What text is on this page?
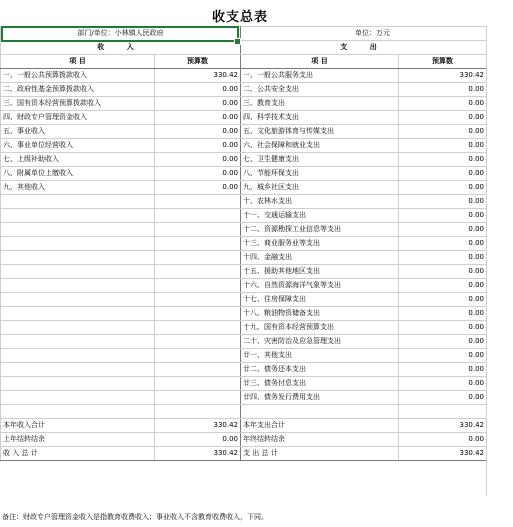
收支总表
部门/单位：小林镇人民政府		单位：万元	
收 入		支 出	
项 目	预算数	项 目	预算数
一、一般公共预算拨款收入	330.42	一、一般公共服务支出	330.42
二、政府性基金预算拨款收入	0.00	二、公共安全支出	0.00
三、国有资本经营预算拨款收入	0.00	三、教育支出	0.00
四、财政专户管理资金收入	0.00	四、科学技术支出	0.00
五、事业收入	0.00	五、文化旅游体育与传媒支出	0.00
六、事业单位经营收入	0.00	六、社会保障和就业支出	0.00
七、上级补助收入	0.00	七、卫生健康支出	0.00
八、附属单位上缴收入	0.00	八、节能环保支出	0.00
九、其他收入	0.00	九、城乡社区支出	0.00
		十、农林水支出	0.00
		十一、交通运输支出	0.00
		十二、资源勘探工业信息等支出	0.00
		十三、商业服务业等支出	0.00
		十四、金融支出	0.00
		十五、援助其他地区支出	0.00
		十六、自然资源海洋气象等支出	0.00
		十七、住房保障支出	0.00
		十八、粮油物资储备支出	0.00
		十九、国有资本经营预算支出	0.00
		二十、灾害防治及应急管理支出	0.00
		廿一、其他支出	0.00
		廿二、债务还本支出	0.00
		廿三、债务付息支出	0.00
		廿四、债务发行费用支出	0.00

本年收入合计	330.42	本年支出合计	330.42
上年结转结余	0.00	年终结转结余	0.00
收 入 总 计	330.42	支 出 总 计	330.42
备注：财政专户管理资金收入是指教育收费收入；事业收入不含教育收费收入，下同。
